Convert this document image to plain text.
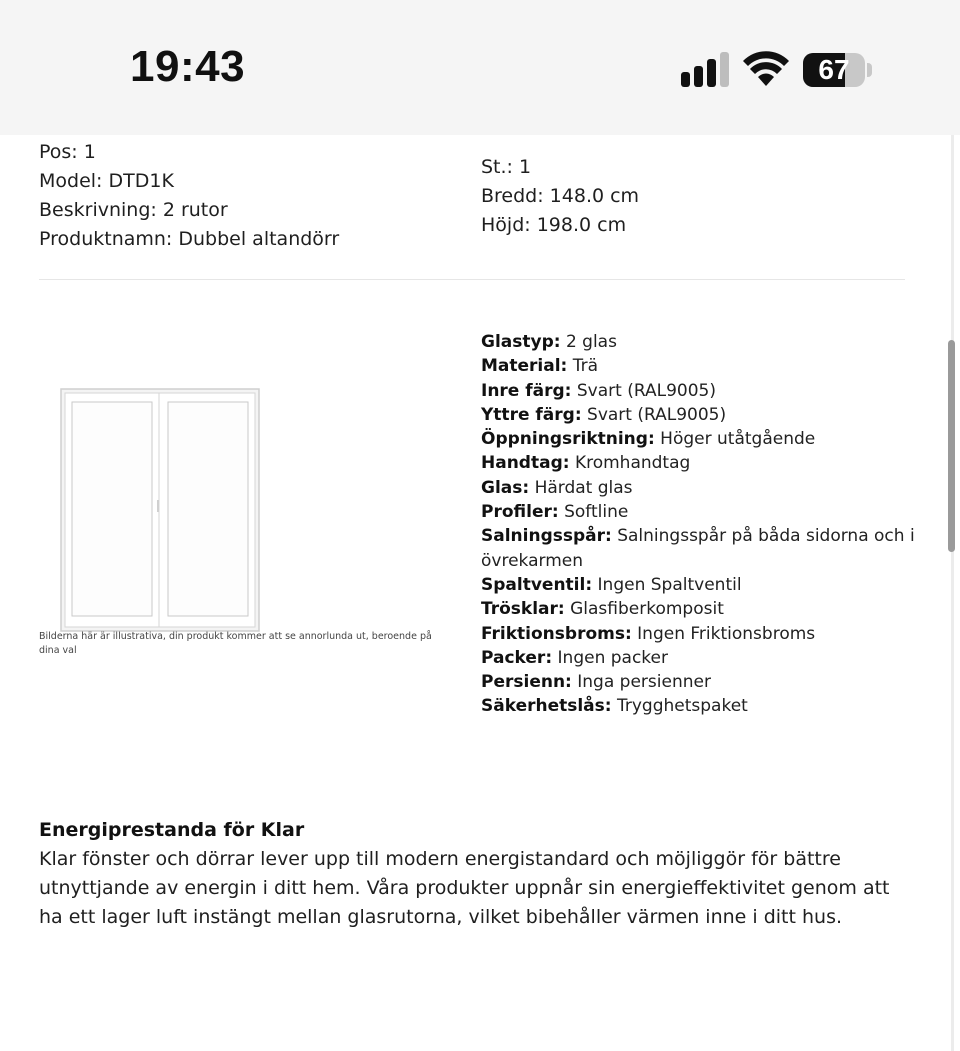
19:43	67
Pos: 1
Model: DTD1K
Beskrivning: 2 rutor
Produktnamn: Dubbel altandörr
St.: 1
Bredd: 148.0 cm
Höjd: 198.0 cm
Bilderna här är illustrativa, din produkt kommer att se annorlunda ut, beroende på dina val
Glastyp: 2 glas
Material: Trä
Inre färg: Svart (RAL9005)
Yttre färg: Svart (RAL9005)
Öppningsriktning: Höger utåtgående
Handtag: Kromhandtag
Glas: Härdat glas
Profiler: Softline
Salningsspår: Salningsspår på båda sidorna och i övrekarmen
Spaltventil: Ingen Spaltventil
Tröskla​r: Glasfiberkomposit
Friktionsbroms: Ingen Friktionsbroms
Packer: Ingen packer
Persienn: Inga persienner
Säkerhetslås: Trygghetspaket
Energiprestanda för Klar
Klar fönster och dörrar lever upp till modern energistandard och möjliggör för bättre utnyttjande av energin i ditt hem. Våra produkter uppnår sin energieffektivitet genom att ha ett lager luft instängt mellan glasrutorna, vilket bibehåller värmen inne i ditt hus.
